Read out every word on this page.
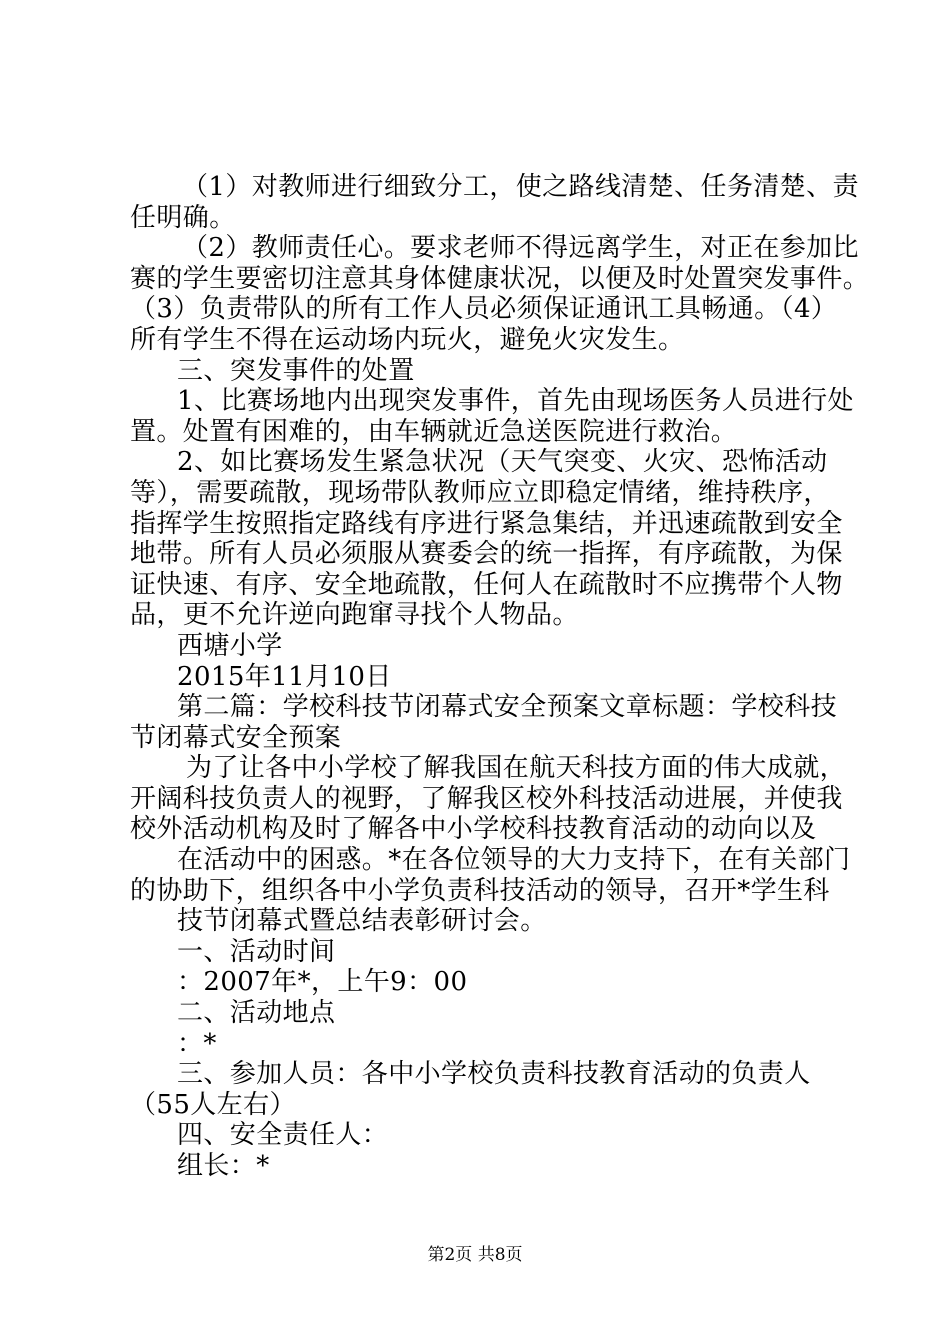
（1）对教师进行细致分工，使之路线清楚、任务清楚、责
任明确。
（2）教师责任心。要求老师不得远离学生，对正在参加比
赛的学生要密切注意其身体健康状况，以便及时处置突发事件。
（3）负责带队的所有工作人员必须保证通讯工具畅通。（4）
所有学生不得在运动场内玩火，避免火灾发生。
三、突发事件的处置
1、比赛场地内出现突发事件，首先由现场医务人员进行处
置。处置有困难的，由车辆就近急送医院进行救治。
2、如比赛场发生紧急状况（天气突变、火灾、恐怖活动
等），需要疏散，现场带队教师应立即稳定情绪，维持秩序，
指挥学生按照指定路线有序进行紧急集结，并迅速疏散到安全
地带。所有人员必须服从赛委会的统一指挥，有序疏散，为保
证快速、有序、安全地疏散，任何人在疏散时不应携带个人物
品，更不允许逆向跑窜寻找个人物品。
西塘小学
2015年11月10日
第二篇：学校科技节闭幕式安全预案文章标题：学校科技
节闭幕式安全预案
为了让各中小学校了解我国在航天科技方面的伟大成就，
开阔科技负责人的视野，了解我区校外科技活动进展，并使我
校外活动机构及时了解各中小学校科技教育活动的动向以及
在活动中的困惑。*在各位领导的大力支持下，在有关部门
的协助下，组织各中小学负责科技活动的领导，召开*学生科
技节闭幕式暨总结表彰研讨会。
一、活动时间
：2007年*，上午9：00
二、活动地点
：*
三、参加人员：各中小学校负责科技教育活动的负责人
（55人左右）
四、安全责任人：
组长：*
第2页 共8页
